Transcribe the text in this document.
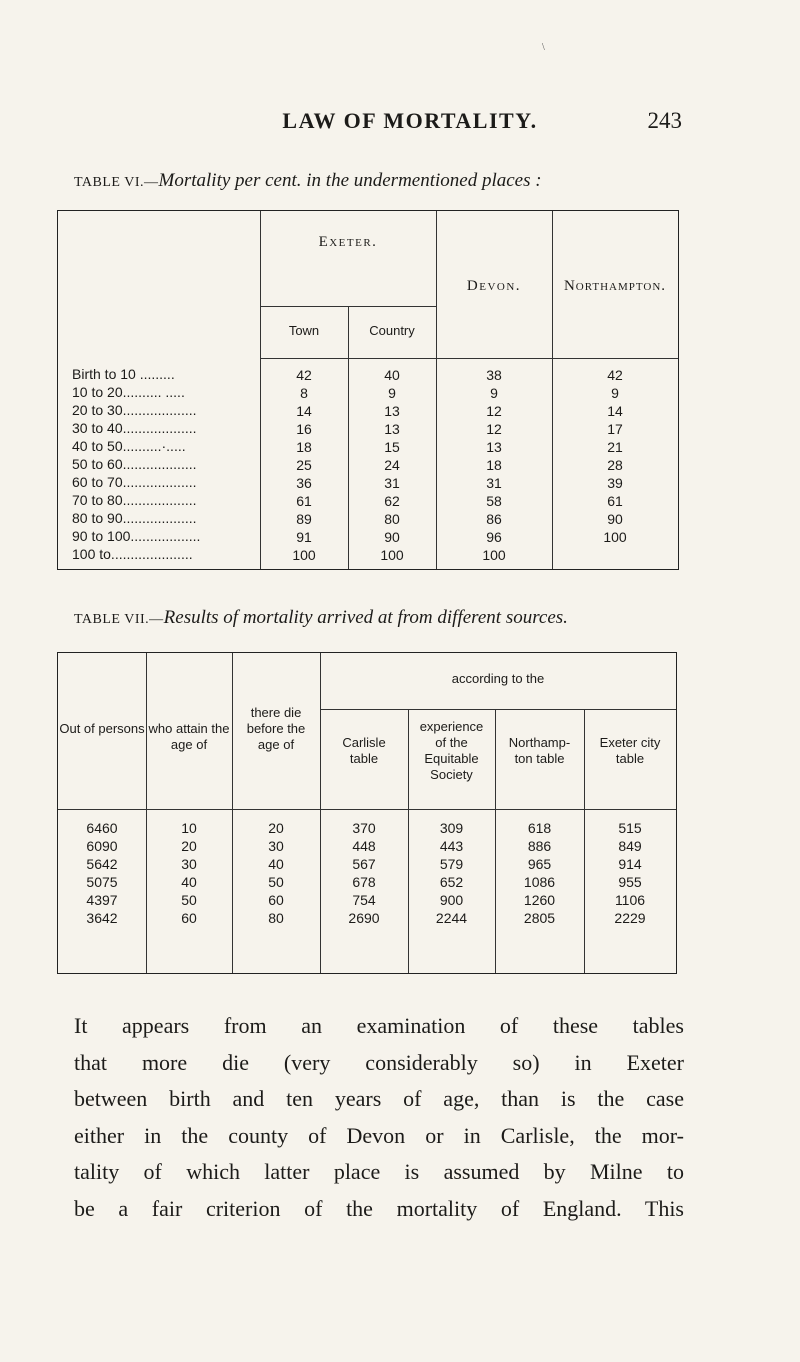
\
LAW OF MORTALITY.	243
TABLE VI.—Mortality per cent. in the undermentioned places :
Exeter.
Town	Country
Devon.	Northampton.
Birth to 10 .........	42	40	38	42
10 to 20.......... .....	8	9	9	9
20 to 30...................	14	13	12	14
30 to 40...................	16	13	12	17
40 to 50..........·.....	18	15	13	21
50 to 60...................	25	24	18	28
60 to 70...................	36	31	31	39
70 to 80...................	61	62	58	61
80 to 90...................	89	80	86	90
90 to 100..................	91	90	96	100
100 to.....................	100	100	100
TABLE VII.—Results of mortality arrived at from different sources.
Out of persons who attain the age of
there die before the age of
according to the
Carlisle table
experience of the Equitable Society
Northamp- ton table
Exeter city table
6460	10	20	370	309	618	515
6090	20	30	448	443	886	849
5642	30	40	567	579	965	914
5075	40	50	678	652	1086	955
4397	50	60	754	900	1260	1106
3642	60	80	2690	2244	2805	2229
It appears from an examination of these tables
that more die (very considerably so) in Exeter
between birth and ten years of age, than is the case
either in the county of Devon or in Carlisle, the mor-
tality of which latter place is assumed by Milne to
be a fair criterion of the mortality of England. This
